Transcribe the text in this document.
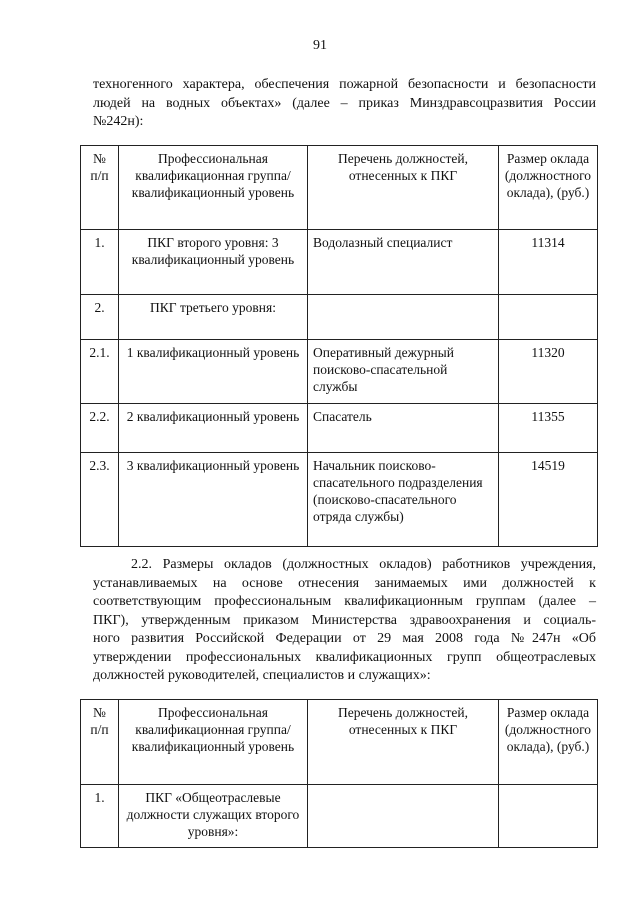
91
техногенного характера, обеспечения пожарной безопасности и безопасности
людей на водных объектах» (далее – приказ Минздравсоцразвития России
№242н):
№ п/п	Профессиональная квалификационная группа/ квалификационный уровень	Перечень должностей, отнесенных к ПКГ	Размер оклада (должностного оклада), (руб.)
1.	ПКГ второго уровня: 3 квалификационный уровень	Водолазный специалист	11314
2.	ПКГ третьего уровня:		
2.1.	1 квалификационный уровень	Оперативный дежурный поисково-спасательной службы	11320
2.2.	2 квалификационный уровень	Спасатель	11355
2.3.	3 квалификационный уровень	Начальник поисково-спасательного подразделения (поисково-спасательного отряда службы)	14519
2.2. Размеры окладов (должностных окладов) работников учреждения,
устанавливаемых на основе отнесения занимаемых ими должностей к
соответствующим профессиональным квалификационным группам (далее –
ПКГ), утвержденным приказом Министерства здравоохранения и социаль-
ного развития Российской Федерации от 29 мая 2008 года №247н «Об
утверждении профессиональных квалификационных групп общеотраслевых
должностей руководителей, специалистов и служащих»:
№ п/п	Профессиональная квалификационная группа/ квалификационный уровень	Перечень должностей, отнесенных к ПКГ	Размер оклада (должностного оклада), (руб.)
1.	ПКГ «Общеотраслевые должности служащих второго уровня»:		
